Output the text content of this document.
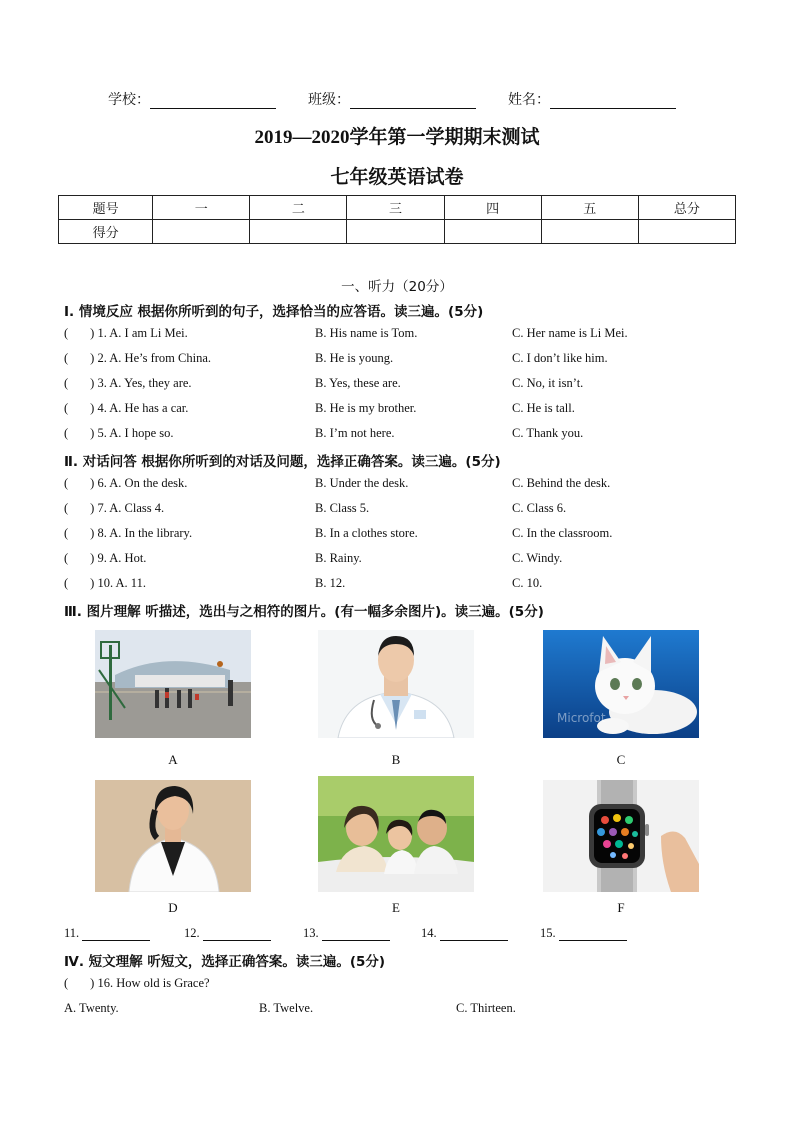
学校：	班级：	姓名：
2019—2020学年第一学期期末测试
七年级英语试卷
题号	一	二	三	四	五	总分
得分						
一、听力（20分）
Ⅰ. 情境反应 根据你所听到的句子，选择恰当的应答语。读三遍。(5分)
( ) 1. A. I am Li Mei.	B. His name is Tom.	C. Her name is Li Mei.
( ) 2. A. He’s from China.	B. He is young.	C. I don’t like him.
( ) 3. A. Yes, they are.	B. Yes, these are.	C. No, it isn’t.
( ) 4. A. He has a car.	B. He is my brother.	C. He is tall.
( ) 5. A. I hope so.	B. I’m not here.	C. Thank you.
Ⅱ. 对话问答 根据你所听到的对话及问题，选择正确答案。读三遍。(5分)
( ) 6. A. On the desk.	B. Under the desk.	C. Behind the desk.
( ) 7. A. Class 4.	B. Class 5.	C. Class 6.
( ) 8. A. In the library.	B. In a clothes store.	C. In the classroom.
( ) 9. A. Hot.	B. Rainy.	C. Windy.
( ) 10. A. 11.	B. 12.	C. 10.
Ⅲ. 图片理解 听描述，选出与之相符的图片。(有一幅多余图片)。读三遍。(5分)
Microfot
A	B	C
D	E	F
11.	12.	13.	14.	15.
Ⅳ. 短文理解 听短文，选择正确答案。读三遍。(5分)
( ) 16. How old is Grace?
A. Twenty.	B. Twelve.	C. Thirteen.
